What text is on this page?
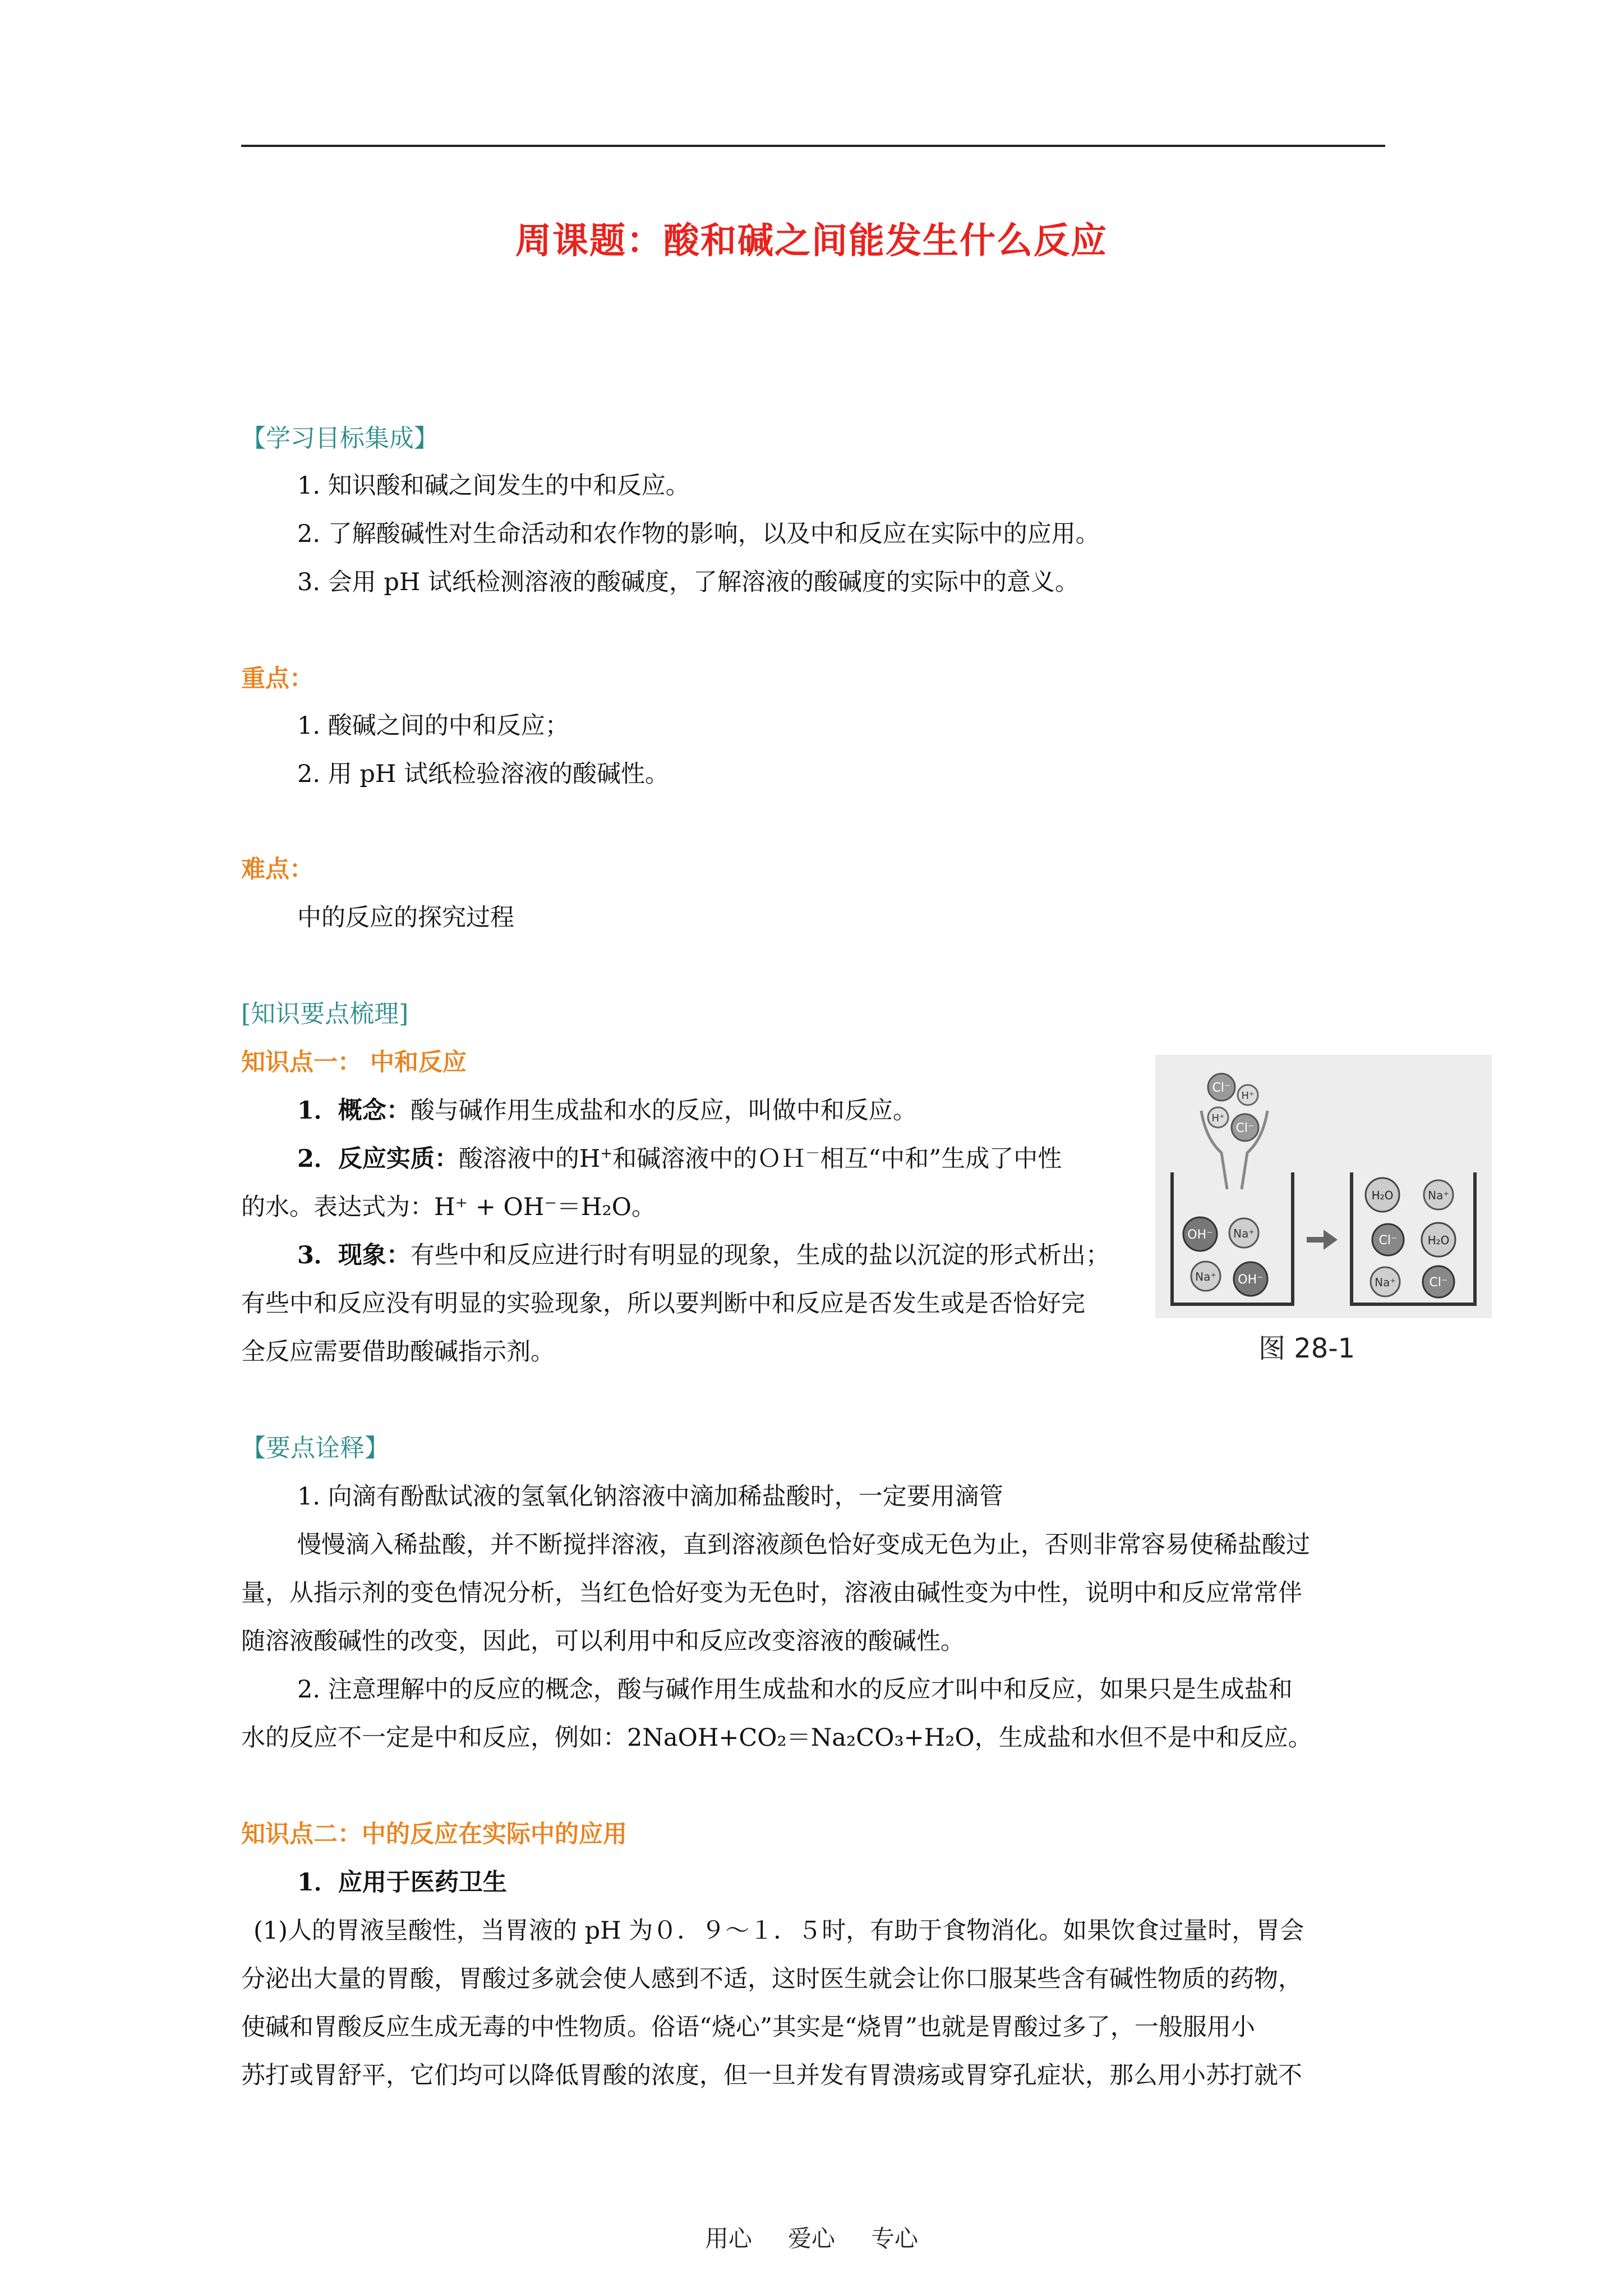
周课题：酸和碱之间能发生什么反应
【学习目标集成】
1. 知识酸和碱之间发生的中和反应。
2. 了解酸碱性对生命活动和农作物的影响，以及中和反应在实际中的应用。
3. 会用 pH 试纸检测溶液的酸碱度，了解溶液的酸碱度的实际中的意义。
重点：
1. 酸碱之间的中和反应；
2. 用 pH 试纸检验溶液的酸碱性。
难点：
中的反应的探究过程
[知识要点梳理]
知识点一： 中和反应
1．概念：酸与碱作用生成盐和水的反应，叫做中和反应。
2．反应实质：酸溶液中的H+和碱溶液中的ＯＨ－相互“中和”生成了中性
的水。表达式为：H⁺ + OH⁻＝H₂O。
3．现象：有些中和反应进行时有明显的现象，生成的盐以沉淀的形式析出；
有些中和反应没有明显的实验现象，所以要判断中和反应是否发生或是否恰好完
全反应需要借助酸碱指示剂。
Cl⁻
H⁺
H⁺
Cl⁻
OH⁻ Na⁺
Na⁺ OH⁻
H₂O	Na⁺
Cl⁻	H₂O
Na⁺	Cl⁻
图 28-1
【要点诠释】
1. 向滴有酚酞试液的氢氧化钠溶液中滴加稀盐酸时，一定要用滴管
慢慢滴入稀盐酸，并不断搅拌溶液，直到溶液颜色恰好变成无色为止，否则非常容易使稀盐酸过
量，从指示剂的变色情况分析，当红色恰好变为无色时，溶液由碱性变为中性，说明中和反应常常伴
随溶液酸碱性的改变，因此，可以利用中和反应改变溶液的酸碱性。
2. 注意理解中的反应的概念，酸与碱作用生成盐和水的反应才叫中和反应，如果只是生成盐和
水的反应不一定是中和反应，例如：2NaOH+CO₂＝Na₂CO₃+H₂O，生成盐和水但不是中和反应。
知识点二：中的反应在实际中的应用
1．应用于医药卫生
(1)人的胃液呈酸性，当胃液的 pH 为０．９～１．５时，有助于食物消化。如果饮食过量时，胃会
分泌出大量的胃酸，胃酸过多就会使人感到不适，这时医生就会让你口服某些含有碱性物质的药物，
使碱和胃酸反应生成无毒的中性物质。俗语“烧心”其实是“烧胃”也就是胃酸过多了，一般服用小
苏打或胃舒平，它们均可以降低胃酸的浓度，但一旦并发有胃溃疡或胃穿孔症状，那么用小苏打就不
用心 爱心 专心
